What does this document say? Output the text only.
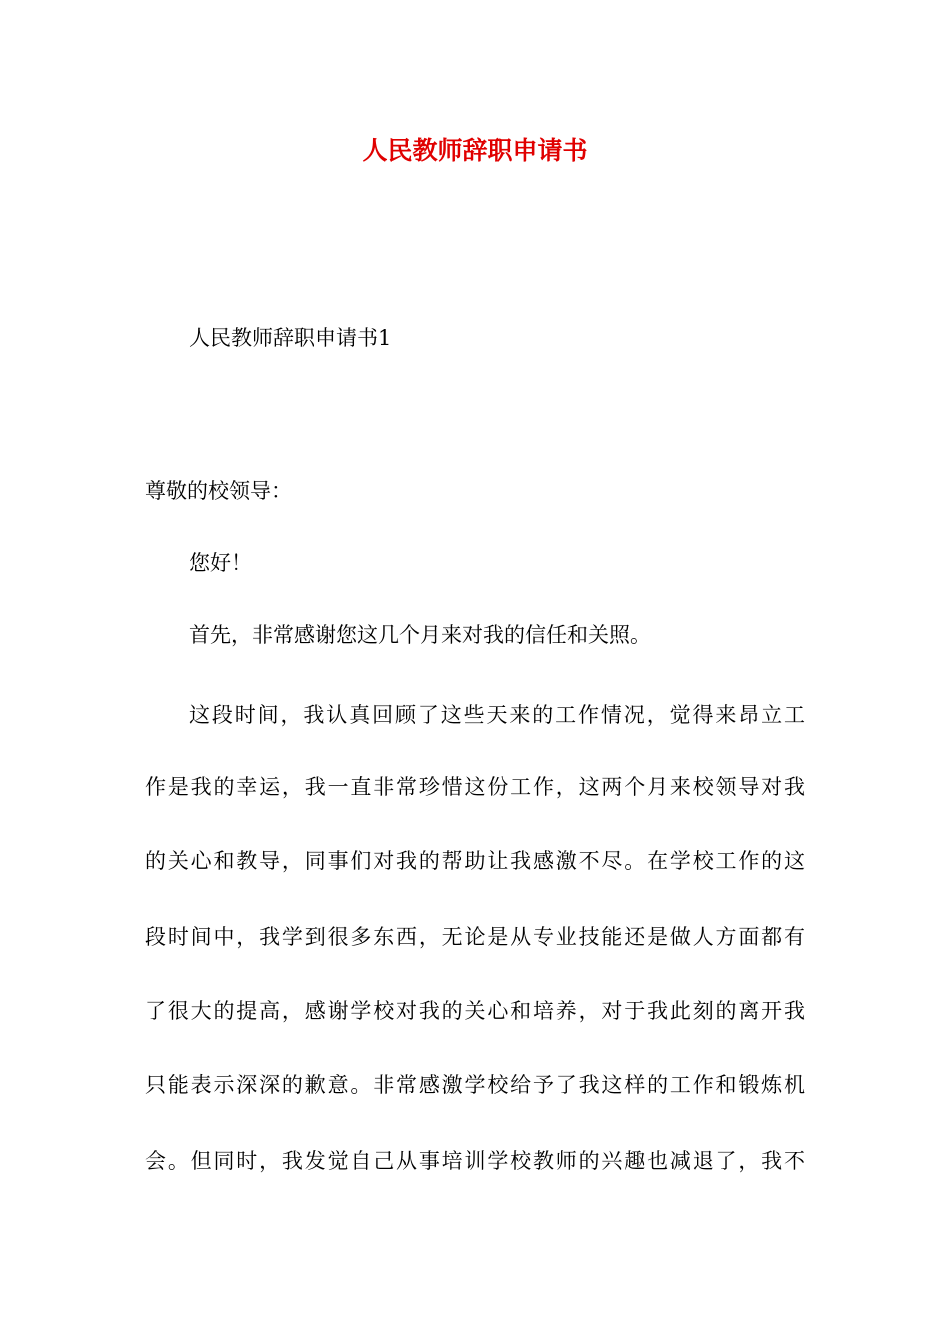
人民教师辞职申请书

人民教师辞职申请书1

尊敬的校领导：

您好！

首先，非常感谢您这几个月来对我的信任和关照。

这段时间，我认真回顾了这些天来的工作情况，觉得来昂立工

作是我的幸运，我一直非常珍惜这份工作，这两个月来校领导对我

的关心和教导，同事们对我的帮助让我感激不尽。在学校工作的这

段时间中，我学到很多东西，无论是从专业技能还是做人方面都有

了很大的提高，感谢学校对我的关心和培养，对于我此刻的离开我

只能表示深深的歉意。非常感激学校给予了我这样的工作和锻炼机

会。但同时，我发觉自己从事培训学校教师的兴趣也减退了，我不
